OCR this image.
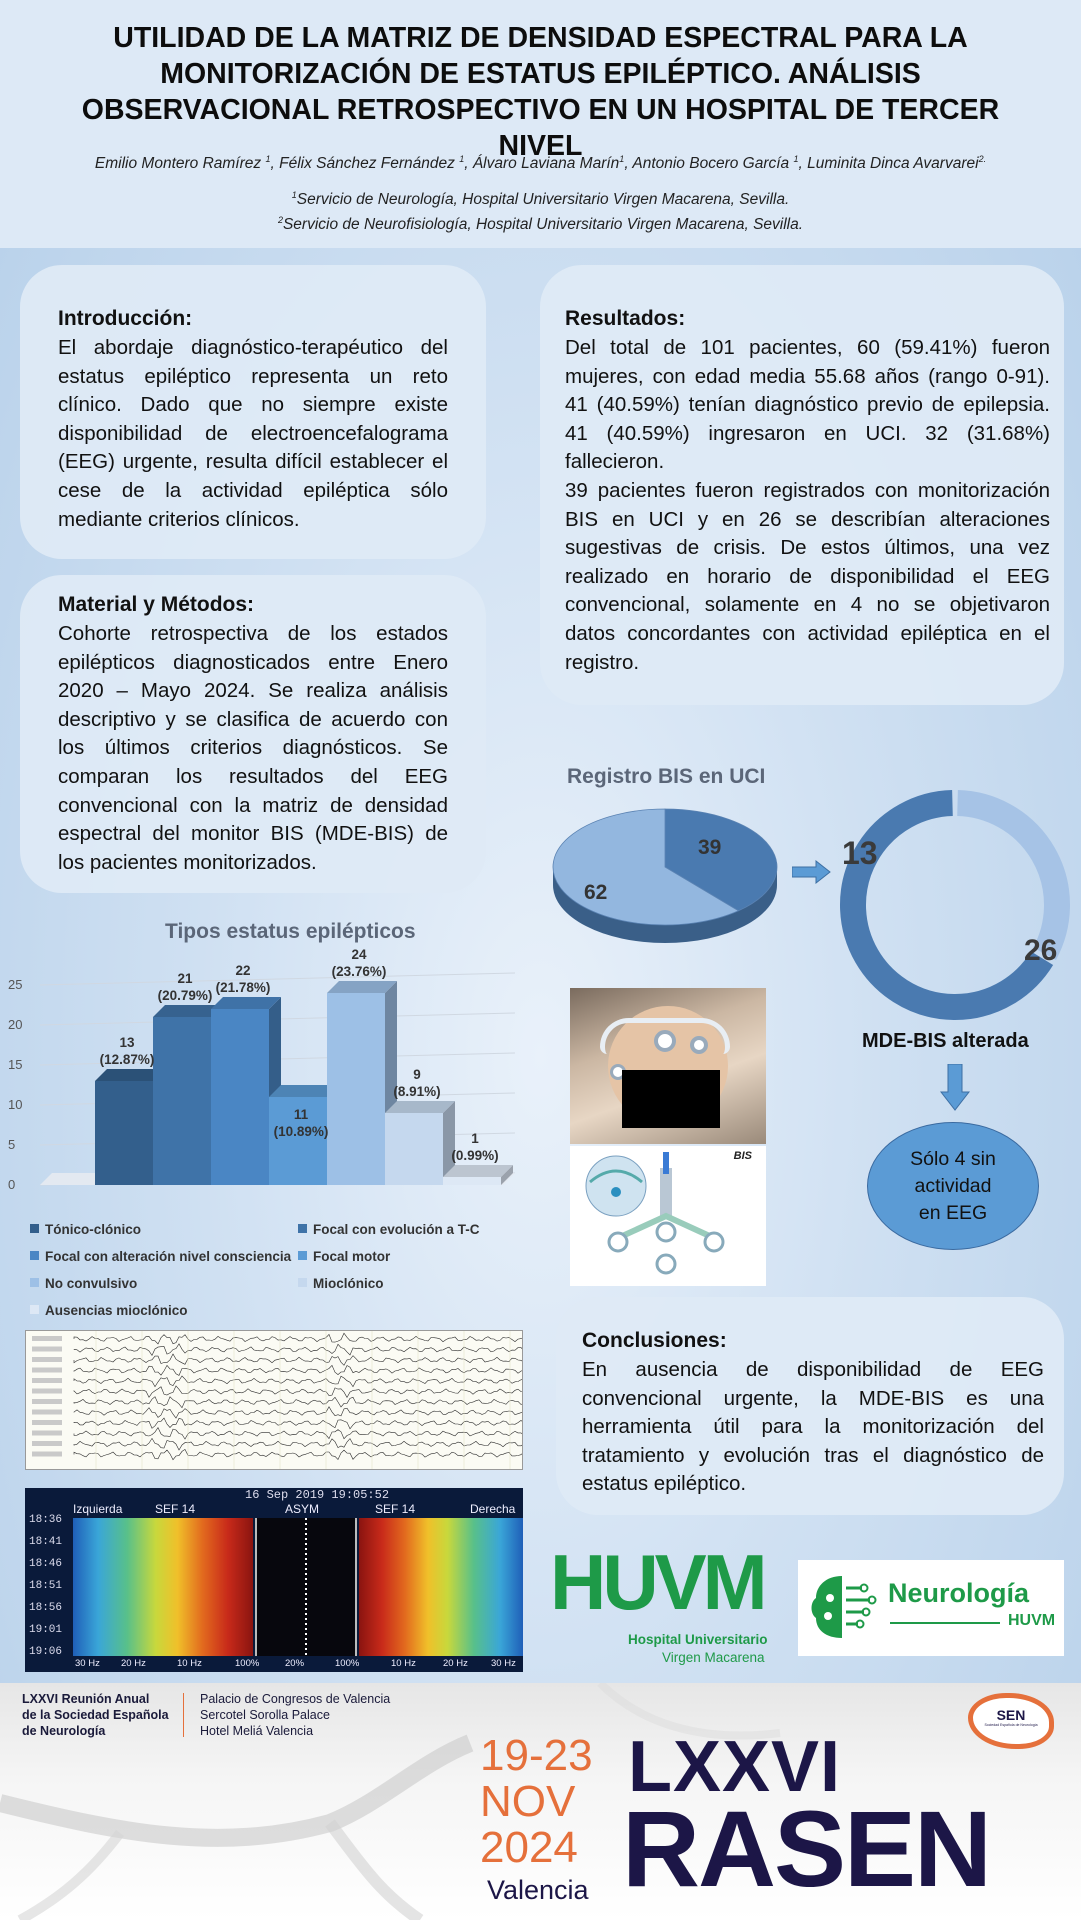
UTILIDAD DE LA MATRIZ DE DENSIDAD ESPECTRAL PARA LA
MONITORIZACIÓN DE ESTATUS EPILÉPTICO. ANÁLISIS
OBSERVACIONAL RETROSPECTIVO EN UN HOSPITAL DE TERCER NIVEL
Emilio Montero Ramírez $^1$, Félix Sánchez Fernández $^1$, Álvaro Laviana Marín$^1$, Antonio Bocero García $^1$, Luminita Dinca Avarvarei$^{2.}$
$^1$Servicio de Neurología, Hospital Universitario Virgen Macarena, Sevilla.
$^2$Servicio de Neurofisiología, Hospital Universitario Virgen Macarena, Sevilla.
Introducción:

El abordaje diagnóstico-terapéutico del estatus epiléptico representa un reto clínico. Dado que no siempre existe disponibilidad de electroencefalograma (EEG) urgente, resulta difícil establecer el cese de la actividad epiléptica sólo mediante criterios clínicos.

Material y Métodos:

Cohorte retrospectiva de los estados epilépticos diagnosticados entre Enero 2020 – Mayo 2024. Se realiza análisis descriptivo y se clasifica de acuerdo con los últimos criterios diagnósticos. Se comparan los resultados del EEG convencional con la matriz de densidad espectral del monitor BIS (MDE-BIS) de los pacientes monitorizados.

Resultados:

Del total de 101 pacientes, 60 (59.41%) fueron mujeres, con edad media 55.68 años (rango 0-91). 41 (40.59%) tenían diagnóstico previo de epilepsia. 41 (40.59%) ingresaron en UCI. 32 (31.68%) fallecieron.

39 pacientes fueron registrados con monitorización BIS en UCI y en 26 se describían alteraciones sugestivas de crisis. De estos últimos, una vez realizado en horario de disponibilidad el EEG convencional, solamente en 4 no se objetivaron datos concordantes con actividad epiléptica en el registro.

Tipos estatus epilépticos
0
5
10
15
20
25
13
(12.87%)
21
(20.79%)
22
(21.78%)
11
(10.89%)
24
(23.76%)
9
(8.91%)
1
(0.99%)
Tónico-clónico	Focal con evolución a T-C
Focal con alteración nivel consciencia	Focal motor
No convulsivo	Mioclónico
Ausencias mioclónico
Registro BIS en UCI
39
62
13
26
MDE-BIS alterada
Sólo 4 sin
actividad
en EEG
BIS
16 Sep 2019 19:05:52
Izquierda	SEF 14	ASYM	SEF 14	Derecha
18:36
18:41
18:46
18:51
18:56
19:01
19:06
30 Hz 20 Hz	10 Hz	100%	20%	100%	10 Hz	20 Hz 30 Hz
Conclusiones:

En ausencia de disponibilidad de EEG convencional urgente, la MDE-BIS es una herramienta útil para la monitorización del tratamiento y evolución tras el diagnóstico de estatus epiléptico.

HUVM
Hospital Universitario
Virgen Macarena
Neurología
HUVM
LXXVI Reunión Anual
de la Sociedad Española
de Neurología
Palacio de Congresos de Valencia
Sercotel Sorolla Palace
Hotel Meliá Valencia	19-23
NOV
2024
Valencia
LXXVI
RASEN
SEN
Sociedad Española de Neurología
